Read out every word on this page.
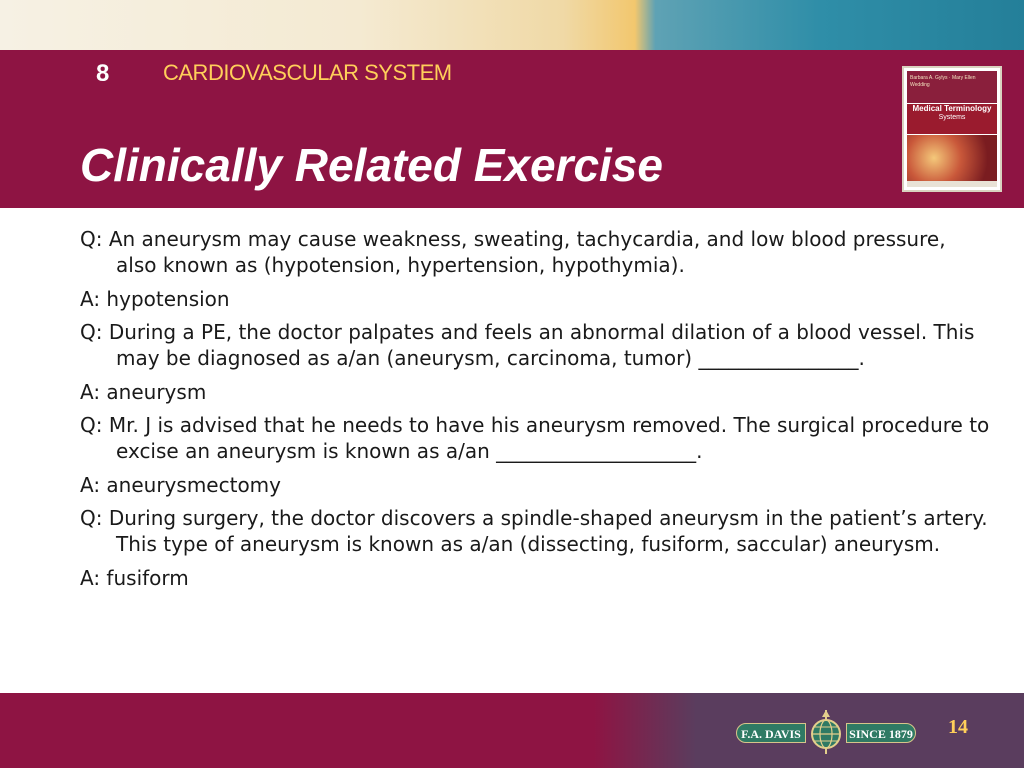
8 CARDIOVASCULAR SYSTEM
Clinically Related Exercise
Barbara A. Gylys · Mary Ellen Wedding
Medical Terminology
Systems

Q: An aneurysm may cause weakness, sweating, tachycardia, and low blood pressure, also known as (hypotension, hypertension, hypothymia).

A: hypotension

Q: During a PE, the doctor palpates and feels an abnormal dilation of a blood vessel. This may be diagnosed as a/an (aneurysm, carcinoma, tumor) ________________.

A: aneurysm

Q: Mr. J is advised that he needs to have his aneurysm removed. The surgical procedure to excise an aneurysm is known as a/an ____________________.

A: aneurysmectomy

Q: During surgery, the doctor discovers a spindle-shaped aneurysm in the patient’s artery. This type of aneurysm is known as a/an (dissecting, fusiform, saccular) aneurysm.

A: fusiform

F.A. DAVIS	SINCE 1879 14
